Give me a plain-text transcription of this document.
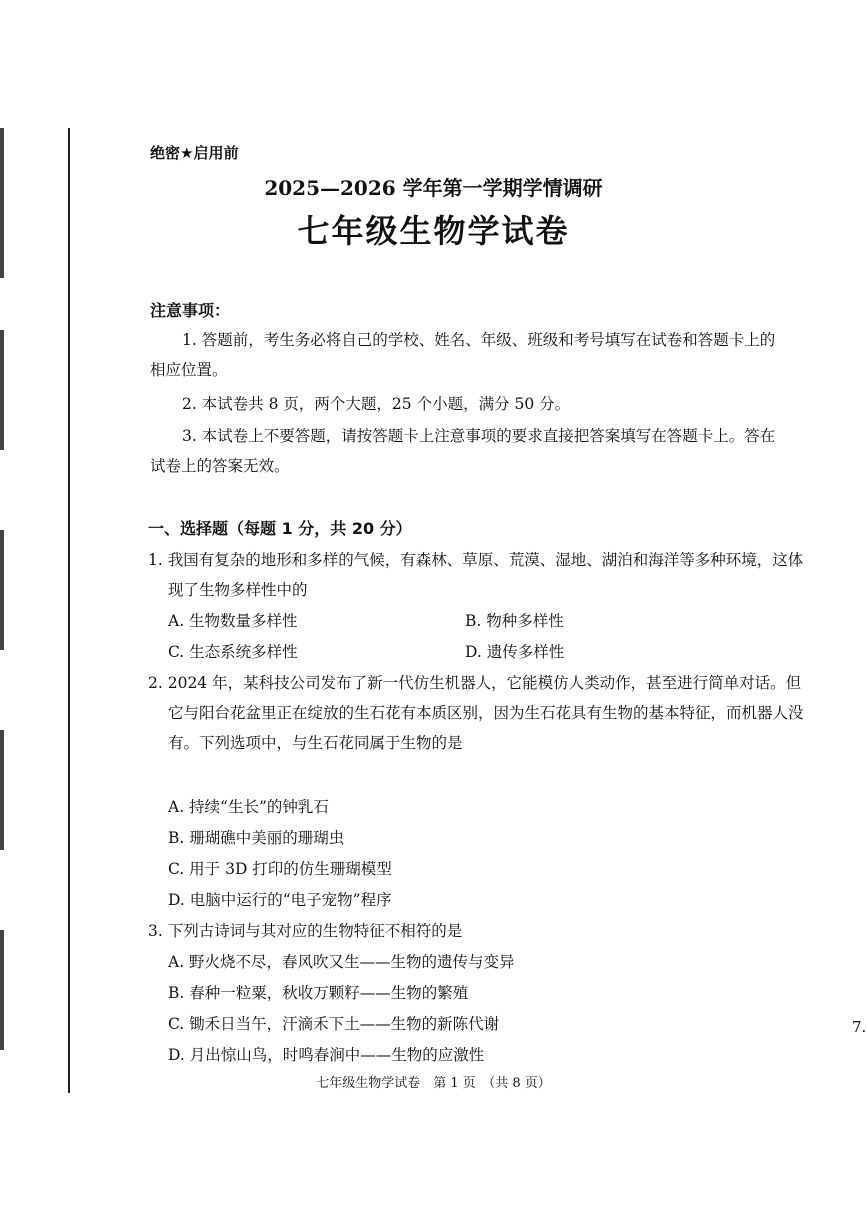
绝密★启用前
2025—2026 学年第一学期学情调研
七年级生物学试卷
注意事项：
1. 答题前，考生务必将自己的学校、姓名、年级、班级和考号填写在试卷和答题卡上的相应位置。
2. 本试卷共 8 页，两个大题，25 个小题，满分 50 分。
3. 本试卷上不要答题，请按答题卡上注意事项的要求直接把答案填写在答题卡上。答在试卷上的答案无效。
一、选择题（每题 1 分，共 20 分）
1. 我国有复杂的地形和多样的气候，有森林、草原、荒漠、湿地、湖泊和海洋等多种环境，这体现了生物多样性中的
A. 生物数量多样性	B. 物种多样性
C. 生态系统多样性	D. 遗传多样性
2. 2024 年，某科技公司发布了新一代仿生机器人，它能模仿人类动作，甚至进行简单对话。但它与阳台花盆里正在绽放的生石花有本质区别，因为生石花具有生物的基本特征，而机器人没有。下列选项中，与生石花同属于生物的是
A. 持续“生长”的钟乳石
B. 珊瑚礁中美丽的珊瑚虫
C. 用于 3D 打印的仿生珊瑚模型
D. 电脑中运行的“电子宠物”程序
3. 下列古诗词与其对应的生物特征不相符的是
A. 野火烧不尽，春风吹又生——生物的遗传与变异
B. 春种一粒粟，秋收万颗籽——生物的繁殖
C. 锄禾日当午，汗滴禾下土——生物的新陈代谢
D. 月出惊山鸟，时鸣春涧中——生物的应激性
7.
七年级生物学试卷　第 1 页　（共 8 页）
